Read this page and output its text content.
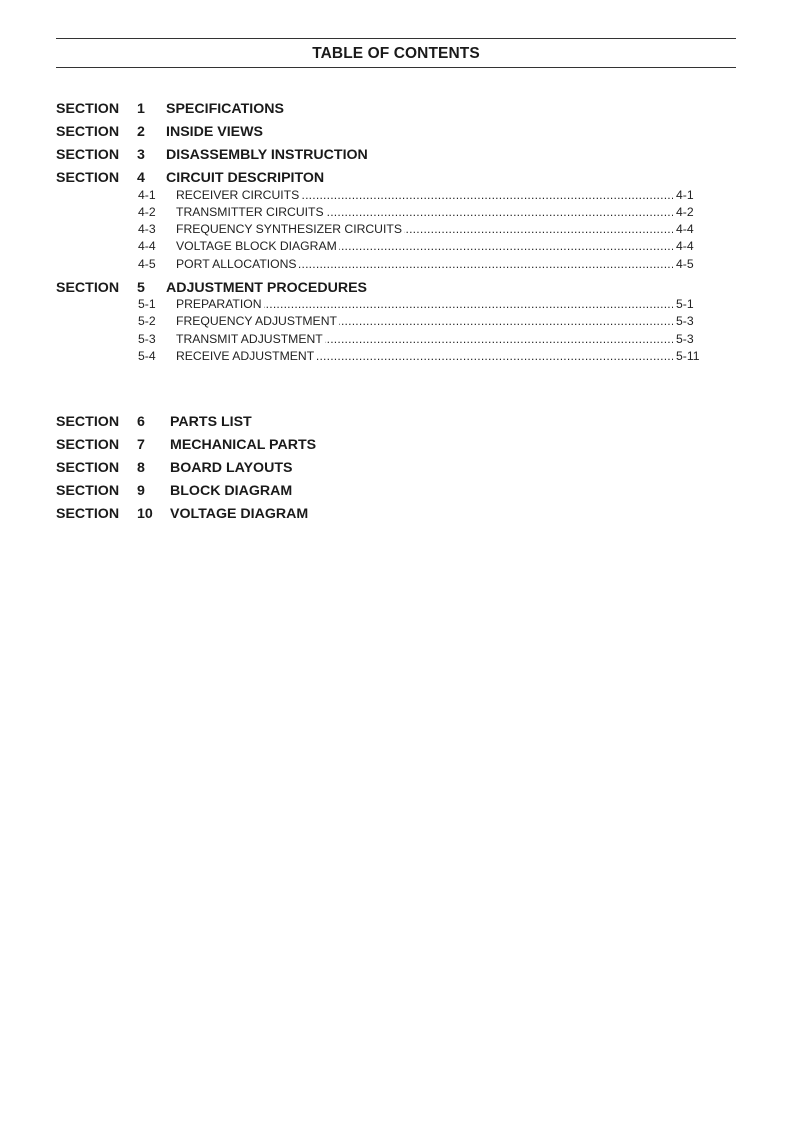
TABLE OF CONTENTS
SECTION 1 SPECIFICATIONS
SECTION 2 INSIDE VIEWS
SECTION 3 DISASSEMBLY INSTRUCTION
SECTION 4 CIRCUIT DESCRIPITON
4-1 ..... RECEIVER CIRCUITS	4-1
4-2 ..... TRANSMITTER CIRCUITS	4-2
4-3 ..... FREQUENCY SYNTHESIZER CIRCUITS	4-4
4-4 ..... VOLTAGE BLOCK DIAGRAM	4-4
4-5 ..... PORT ALLOCATIONS	4-5
SECTION 5 ADJUSTMENT PROCEDURES
5-1 ..... PREPARATION	5-1
5-2 ..... FREQUENCY ADJUSTMENT	5-3
5-3 ..... TRANSMIT ADJUSTMENT	5-3
5-4 ..... RECEIVE ADJUSTMENT	5-11
SECTION 6 PARTS LIST
SECTION 7 MECHANICAL PARTS
SECTION 8 BOARD LAYOUTS
SECTION 9 BLOCK DIAGRAM
SECTION 10 VOLTAGE DIAGRAM
